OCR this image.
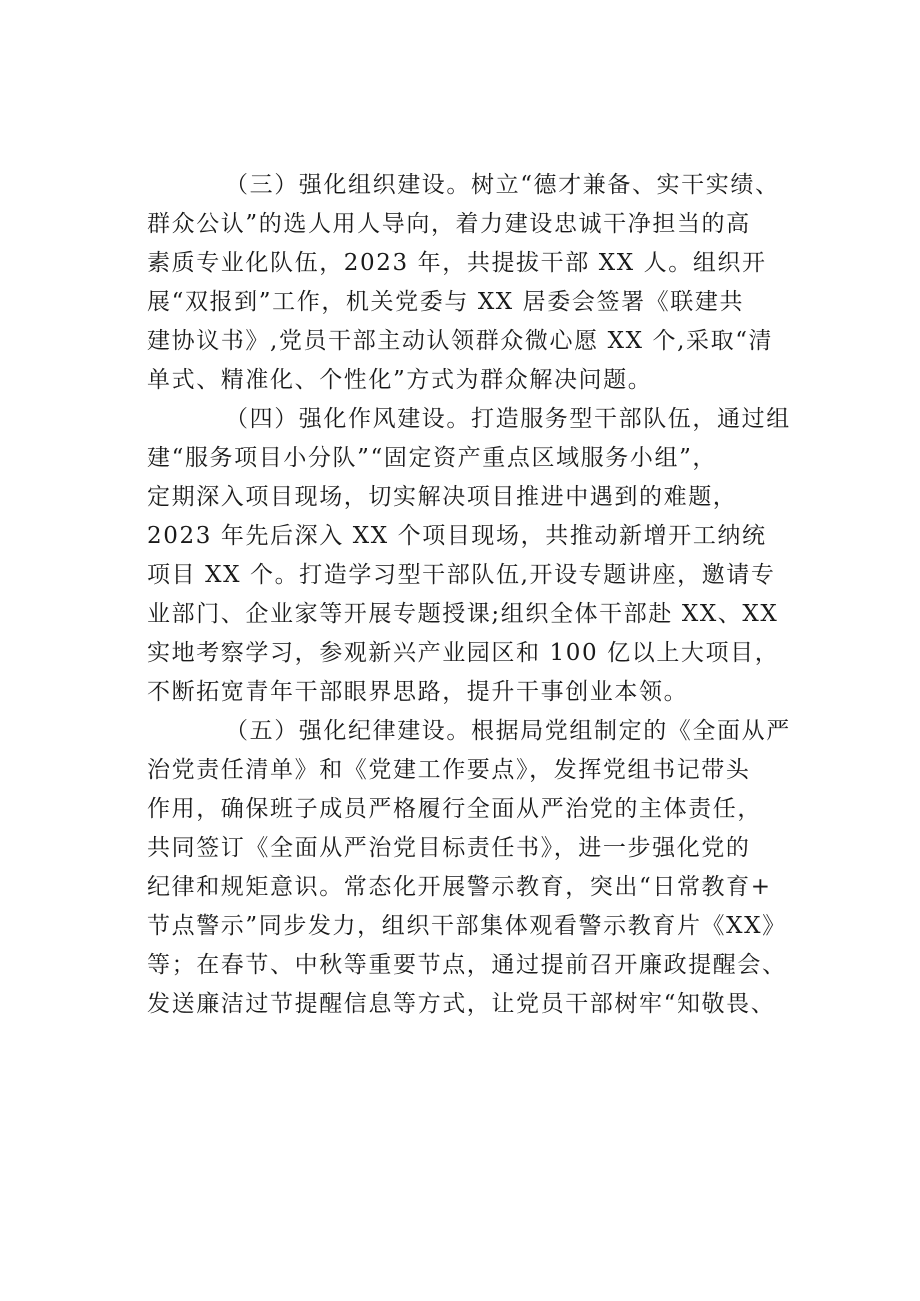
（三）强化组织建设。树立“德才兼备、实干实绩、
群众公认”的选人用人导向，着力建设忠诚干净担当的高
素质专业化队伍，2023 年，共提拔干部 XX 人。组织开
展“双报到”工作，机关党委与 XX 居委会签署《联建共
建协议书》,党员干部主动认领群众微心愿 XX 个,采取“清
单式、精准化、个性化”方式为群众解决问题。
（四）强化作风建设。打造服务型干部队伍，通过组
建“服务项目小分队”“固定资产重点区域服务小组”，
定期深入项目现场，切实解决项目推进中遇到的难题，
2023 年先后深入 XX 个项目现场，共推动新增开工纳统
项目 XX 个。打造学习型干部队伍,开设专题讲座，邀请专
业部门、企业家等开展专题授课;组织全体干部赴 XX、XX
实地考察学习，参观新兴产业园区和 100 亿以上大项目，
不断拓宽青年干部眼界思路，提升干事创业本领。
（五）强化纪律建设。根据局党组制定的《全面从严
治党责任清单》和《党建工作要点》，发挥党组书记带头
作用，确保班子成员严格履行全面从严治党的主体责任，
共同签订《全面从严治党目标责任书》，进一步强化党的
纪律和规矩意识。常态化开展警示教育，突出“日常教育+
节点警示”同步发力，组织干部集体观看警示教育片《XX》
等；在春节、中秋等重要节点，通过提前召开廉政提醒会、
发送廉洁过节提醒信息等方式，让党员干部树牢“知敬畏、
